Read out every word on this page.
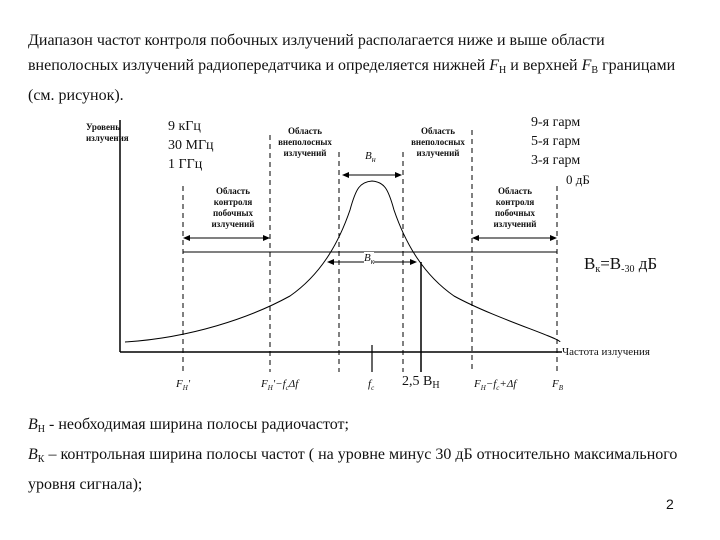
Диапазон частот контроля побочных излучений располагается ниже и выше области внеполосных излучений радиопередатчика и определяется нижней $F_Н$ и верхней $F_В$ границами (см. рисунок).
Уровень
излучения
9 кГц
30 МГц
1 ГГц
9-я гарм
5-я гарм
3-я гарм
0 дБ
Область
внеполосных
излучений
Область
внеполосных
излучений
Область
контроля
побочных
излучений
Область
контроля
побочных
излучений
$В_н$
$В_к$	$В_к=В_{-30}$ дБ
Частота излучения
$F_Н'$	$F_Н'-f_c\Delta f$	$f_c$ 2,5 $В_Н$	$F_Н-f_c+\Delta f$	$F_В$
$В_Н$ - необходимая ширина полосы радиочастот;
$В_К$ – контрольная ширина полосы частот ( на уровне минус 30 дБ относительно максимального уровня сигнала);
2
